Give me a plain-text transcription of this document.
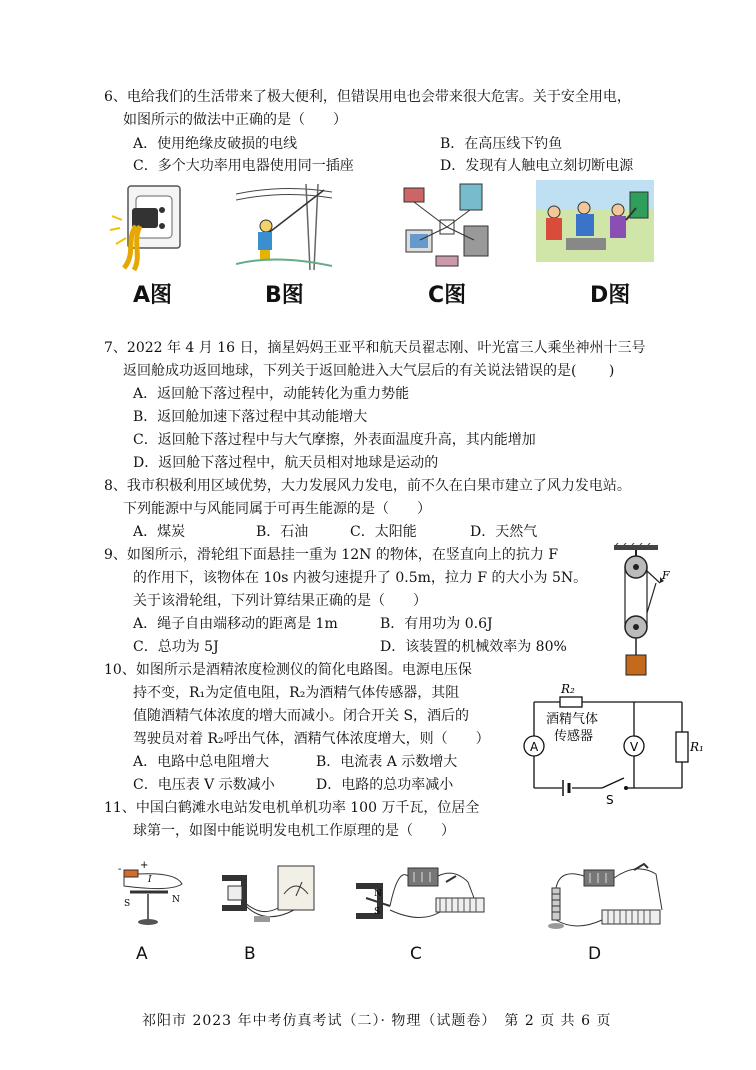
6、电给我们的生活带来了极大便利，但错误用电也会带来很大危害。关于安全用电，
如图所示的做法中正确的是（　　）
A．使用绝缘皮破损的电线	B．在高压线下钓鱼
C．多个大功率用电器使用同一插座	D．发现有人触电立刻切断电源
A图	B图	C图	D图
7、2022 年 4 月 16 日，摘星妈妈王亚平和航天员翟志刚、叶光富三人乘坐神州十三号
返回舱成功返回地球，下列关于返回舱进入大气层后的有关说法错误的是(　　 )
A．返回舱下落过程中，动能转化为重力势能
B．返回舱加速下落过程中其动能增大
C．返回舱下落过程中与大气摩擦，外表面温度升高，其内能增加
D．返回舱下落过程中，航天员相对地球是运动的
8、我市积极利用区域优势，大力发展风力发电，前不久在白果市建立了风力发电站。
下列能源中与风能同属于可再生能源的是（　　）
A．煤炭	B．石油	C．太阳能	D．天然气
9、如图所示，滑轮组下面悬挂一重为 12N 的物体，在竖直向上的抗力 F
的作用下，该物体在 10s 内被匀速提升了 0.5m，拉力 F 的大小为 5N。
关于该滑轮组，下列计算结果正确的是（　　）
A．绳子自由端移动的距离是 1m	B．有用功为 0.6J
C．总功为 5J	D．该装置的机械效率为 80%
F
10、如图所示是酒精浓度检测仪的简化电路图。电源电压保
持不变，R₁为定值电阻，R₂为酒精气体传感器，其阻
值随酒精气体浓度的增大而减小。闭合开关 S，酒后的
驾驶员对着 R₂呼出气体，酒精气体浓度增大，则（　　）
A．电路中总电阻增大	B．电流表 A 示数增大
C．电压表 V 示数减小	D．电路的总功率减小
R₂
酒精气体
传感器
A	V	R₁
S
11、中国白鹤滩水电站发电机单机功率 100 万千瓦，位居全
球第一，如图中能说明发电机工作原理的是（　　）
- +
I
S	N
A	B
N
S
C	D
祁阳市 2023 年中考仿真考试（二）· 物理（试题卷）　第 2 页 共 6 页
